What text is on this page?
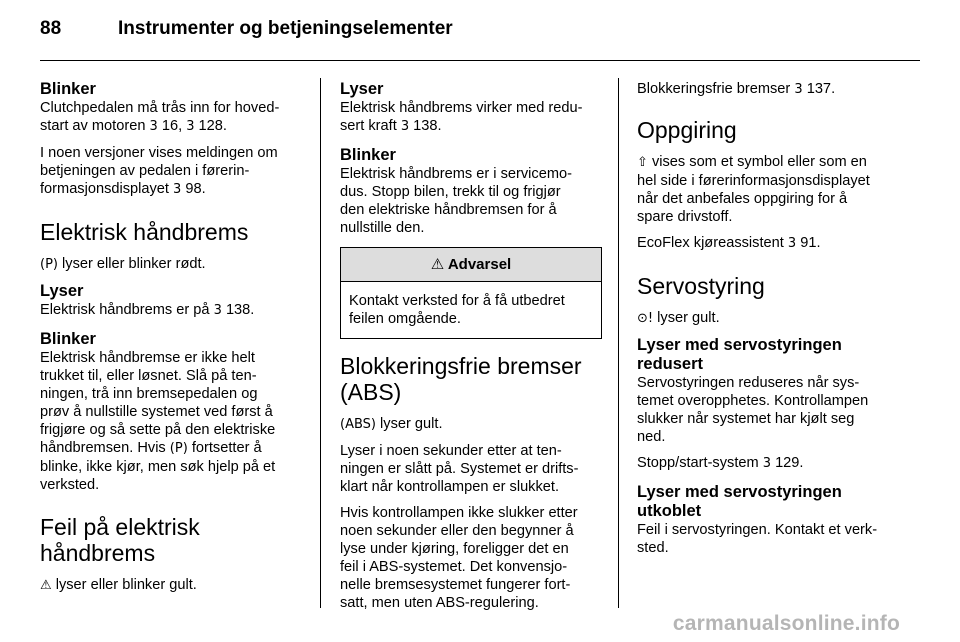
88	Instrumenter og betjeningselementer
Blinker

Clutchpedalen må trås inn for hoved-
start av motoren 3 16, 3 128.

I noen versjoner vises meldingen om
betjeningen av pedalen i førerin-
formasjonsdisplayet 3 98.

Elektrisk håndbrems

(P) lyser eller blinker rødt.

Lyser

Elektrisk håndbrems er på 3 138.

Blinker

Elektrisk håndbremse er ikke helt
trukket til, eller løsnet. Slå på ten-
ningen, trå inn bremsepedalen og
prøv å nullstille systemet ved først å
frigjøre og så sette på den elektriske
håndbremsen. Hvis (P) fortsetter å
blinke, ikke kjør, men søk hjelp på et
verksted.

Feil på elektrisk
håndbrems

⚠ lyser eller blinker gult.

Lyser

Elektrisk håndbrems virker med redu-
sert kraft 3 138.

Blinker

Elektrisk håndbrems er i servicemo-
dus. Stopp bilen, trekk til og frigjør
den elektriske håndbremsen for å
nullstille den.

⚠ Advarsel

Kontakt verksted for å få utbedret
feilen omgående.

Blokkeringsfrie bremser
(ABS)

(ABS) lyser gult.

Lyser i noen sekunder etter at ten-
ningen er slått på. Systemet er drifts-
klart når kontrollampen er slukket.

Hvis kontrollampen ikke slukker etter
noen sekunder eller den begynner å
lyse under kjøring, foreligger det en
feil i ABS-systemet. Det konvensjo-
nelle bremsesystemet fungerer fort-
satt, men uten ABS-regulering.

Blokkeringsfrie bremser 3 137.

Oppgiring

⇧ vises som et symbol eller som en
hel side i førerinformasjonsdisplayet
når det anbefales oppgiring for å
spare drivstoff.

EcoFlex kjøreassistent 3 91.

Servostyring

⊙! lyser gult.

Lyser med servostyringen
redusert

Servostyringen reduseres når sys-
temet overopphetes. Kontrollampen
slukker når systemet har kjølt seg
ned.

Stopp/start-system 3 129.

Lyser med servostyringen
utkoblet

Feil i servostyringen. Kontakt et verk-
sted.

carmanualsonline.info
